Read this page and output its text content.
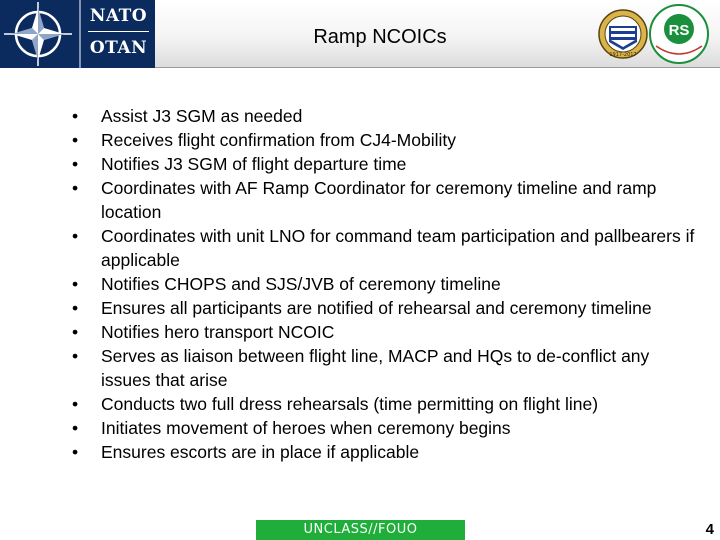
NATO
OTAN	Ramp NCOICs
1917-2017
RS
•	Assist J3 SGM as needed
•	Receives flight confirmation from CJ4-Mobility
•	Notifies J3 SGM of flight departure time
•	Coordinates with AF Ramp Coordinator for ceremony timeline and ramp location
•	Coordinates with unit LNO for command team participation and pallbearers if applicable
•	Notifies CHOPS and SJS/JVB of ceremony timeline
•	Ensures all participants are notified of rehearsal and ceremony timeline
•	Notifies hero transport NCOIC
•	Serves as liaison between flight line, MACP and HQs to de-conflict any issues that arise
•	Conducts two full dress rehearsals (time permitting on flight line)
•	Initiates movement of heroes when ceremony begins
•	Ensures escorts are in place if applicable
UNCLASS//FOUO	4
